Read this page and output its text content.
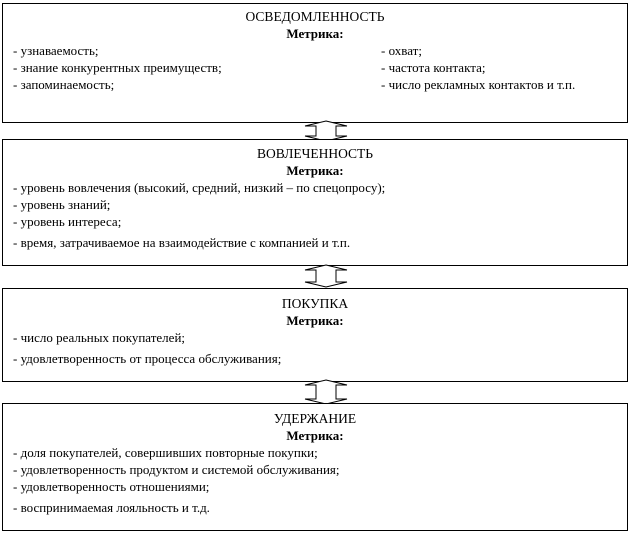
ОСВЕДОМЛЕННОСТЬ
Метрика:
- узнаваемость;
- знание конкурентных преимуществ;
- запоминаемость;
- охват;
- частота контакта;
- число рекламных контактов и т.п.
ВОВЛЕЧЕННОСТЬ
Метрика:
- уровень вовлечения (высокий, средний, низкий – по спецопросу);
- уровень знаний;
- уровень интереса;
- время, затрачиваемое на взаимодействие с компанией и т.п.
ПОКУПКА
Метрика:
- число реальных покупателей;
- удовлетворенность от процесса обслуживания;
УДЕРЖАНИЕ
Метрика:
- доля покупателей, совершивших повторные покупки;
- удовлетворенность продуктом и системой обслуживания;
- удовлетворенность отношениями;
- воспринимаемая лояльность и т.д.
